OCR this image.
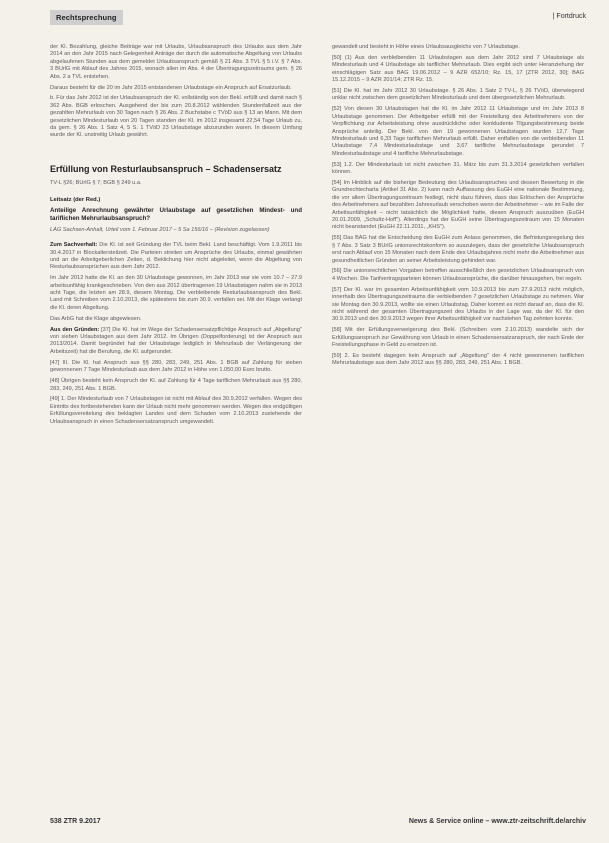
Rechtsprechung	| Fortdruck

der Kl. Bezahlung, gleiche Beiträge war mit Urlaubs, Urlaubsanspruch des Urlaubs aus dem Jahr 2014 an den Jahr 2015 nach Gelegenheit Anträge der durch die automatische Abgeltung von Urlaubs abgelaufenen Stunden aus dem gemeldet Urlaubsanspruch gemäß § 21 Abs. 3 TVL § 5 i.V. § 7 Abs. 3 BUrlG mit Ablauf des Jahres 2015, wonach allen im Abs. 4 der Übertragungszeitraums gem. § 26 Abs. 2 a TVL entstehen.

Daraus besteht für die 20 im Jahr 2015 entstandenen Urlaubstage ein Anspruch auf Ersatzurlaub.

b. Für das Jahr 2012 ist der Urlaubsanspruch der Kl. vollständig von der Bekl. erfüllt und damit nach § 362 Abs. BGB erloschen. Ausgehend der bis zum 20.8.2012 wählenden Stundenfallzeit aus der gezahlten Mehrurlaub von 30 Tagen nach § 26 Abs. 2 Buchstabe c TVöD aus § 13 an Mann. Mit dem gesetzlichen Mindesturlaub von 20 Tagen standen der Kl. im 2012 insgesamt 22,54 Tage Urlaub zu, da gem. § 26 Abs. 1 Satz 4, 5 S. 1 TVöD 23 Urlaubstage abzurunden waren. In diesem Umfang wurde der Kl. unstreitig Urlaub gewährt.

Erfüllung von Resturlaubsanspruch – Schadensersatz
TV-L §26; BUrlG § 7; BGB § 249 u.a.
Leitsatz (der Red.)
Anteilige Anrechnung gewährter Urlaubstage auf gesetzlichen Mindest- und tariflichen Mehrurlaubsanspruch?
LAG Sachsen-Anhalt, Urteil vom 1. Februar 2017 – 5 Sa 156/16 – (Revision zugelassen)

Zum Sachverhalt: Die Kl. ist seit Gründung der TVL beim Bekl. Land beschäftigt. Vom 1.9.2011 bis 30.4.2017 in Blockaltersteilzeit. Die Parteien streiten um Ansprüche des Urlaubs, einmal gewährten und an die Arbeitgeberlichen Zeiten, d. Beklichung hier nicht abgeleitet, wenn die Abgeltung von Resturlaubsansprüchen aus dem Jahr 2012.

Im Jahr 2012 hatte die Kl. an den 30 Urlaubstage gewonnen, im Jahr 2013 war sie vom 10.7 – 27.9 arbeitsunfähig krankgeschrieben. Von den aus 2012 übertragenen 19 Urlaubstagen nahm sie in 2013 acht Tage, die letzten am 28.9, diesem Montag. Die verbleibende Resturlaubsanspruch des Bekl. Land mit Schreiben vom 2.10.2013, die spätestens bis zum 30.9. verfallen sei. Mit der Klage verlangt die Kl. deren Abgeltung.

Das ArbG hat die Klage abgewiesen.

Aus den Gründen: [37] Die Kl. hat im Wege der Schadensersatzpflichtige Anspruch auf „Abgeltung" von sieben Urlaubstagen aus dem Jahr 2012. Im Übrigen (Doppelforderung) ist der Anspruch aus 2013/2014. Damit begründet hat der Urlaubstage lediglich in Mehrurlaub der Verlängerung der Arbeitszeit) hat die Berufung, die Kl. aufgerundet.

[47] III. Die Kl. hat Anspruch aus §§ 280, 283, 249, 251 Abs. 1 BGB auf Zahlung für sieben gewonnenen 7 Tage Mindesturlaub aus dem Jahr 2012 in Höhe von 1.050,00 Euro brutto.

[48] Übrigen besteht kein Anspruch der Kl. auf Zahlung für 4 Tage tariflichen Mehrurlaub aus §§ 280, 283, 249, 251 Abs. 1 BGB.

[49] 1. Der Mindesturlaub von 7 Urlaubstagen ist nicht mit Ablauf des 30.9.2012 verfallen. Wegen des Eintritts des fortbestehenden kann der Urlaub nicht mehr genommen werden. Wegen des endgültigen Erfüllungsvereitelung des beklagten Landes und dem Schaden vom 2.10.2013 zustehende der Urlaubsanspruch in einen Schadensersatzanspruch umgewandelt.

gewandelt und besteht in Höhe eines Urlaubsausgleichs von 7 Urlaubstage.

[50] (1) Aus den verbleibenden 11 Urlaubstagen aus dem Jahr 2012 sind 7 Urlaubstage als Mindesturlaub und 4 Urlaubstage als tariflicher Mehrurlaub. Dies ergibt sich unter Heranziehung der einschlägigen Satz aus BAG 19.06.2012 – 9 AZR 652/10; Rz. 15, 17 [ZTR 2012, 30]; BAG 15.12.2015 – 9 AZR 201/14; ZTR Rz. 15.

[51] Die Kl. hat im Jahr 2012 30 Urlaubstage. § 26 Abs. 1 Satz 2 TV-L, § 26 TVöD, überwiegend unklar nicht zwischen dem gesetzlichen Mindesturlaub und dem übergesetzlichen Mehrurlaub.

[52] Von diesen 30 Urlaubstagen hat die Kl. im Jahr 2012 11 Urlaubstage und im Jahr 2013 8 Urlaubstage genommen. Der Arbeitgeber erfüllt mit der Freistellung des Arbeitnehmers von der Verpflichtung zur Arbeitsleistung ohne ausdrückliche oder konkludente Tilgungsbestimmung beide Ansprüche anteilig. Der Bekl. von den 19 gewonnenen Urlaubstagen wurden 12,7 Tage Mindesturlaub und 6,33 Tage tariflichen Mehrurlaub erfüllt. Daher entfallen von die verbleibenden 11 Urlaubstage 7,4 Mindesturlaubstage und 3,67 tarifliche Mehrurlaubstage gerundet 7 Mindesturlaubstage und 4 tarifliche Mehrurlaubstage.

[53] 1.2. Der Mindesturlaub ist nicht zwischen 31. März bis zum 31.3.2014 gesetzlichen verfallen können.

[54] Im Hinblick auf die bisherige Bedeutung des Urlaubsanspruches und dessen Bewertung in die Grundrechtecharta (Artikel 31 Abs. 2) kann nach Auffassung des EuGH eine nationale Bestimmung, die vor allem Übertragungszeitraum festlegt, nicht dazu führen, dass das Erlöschen der Ansprüche des Arbeitnehmers auf bezahlten Jahresurlaub verschoben wenn der Arbeitnehmer – wie im Falle der Arbeitsunfähigkeit – nicht tatsächlich die Möglichkeit hatte, diesen Anspruch auszuüben (EuGH 20.01.2009, „Schultz-Hoff"). Allerdings hat der EuGH seine Übertragungszeitraum von 15 Monaten nicht beanstandet (EuGH 22.11.2011, „KHS").

[55] Das BAG hat die Entscheidung des EuGH zum Anlass genommen, die Befristungsregelung des § 7 Abs. 3 Satz 3 BUrlG unionsrechtskonform so auszulegen, dass der gesetzliche Urlaubsanspruch erst nach Ablauf von 15 Monaten nach dem Ende des Urlaubsjahres nicht mehr die Arbeitnehmer aus gesundheitlichen Gründen an seiner Arbeitsleistung gehindert war.

[56] Die unionsrechtlichen Vorgaben betreffen ausschließlich den gesetzlichen Urlaubsanspruch von 4 Wochen. Die Tarifvertragsparteien können Urlaubsansprüche, die darüber hinausgehen, frei regeln.

[57] Der Kl. war im gesamten Arbeitsunfähigkeit vom 10.9.2013 bis zum 27.9.2013 nicht möglich, innerhalb des Übertragungszeitraums die verbleibenden 7 gesetzlichen Urlaubstage zu nehmen. War sie Montag den 30.9.2013, wollte sie einen Urlaubstag. Daher kommt es nicht darauf an, dass die Kl. nicht während der gesamten Übertragungszeit des Urlaubs in der Lage war, da der Kl. für den 30.9.2013 und den 30.9.2013 wegen ihrer Arbeitsunfähigkeit vor nachstehen Tag zehnten konnte.

[58] Mit der Erfüllungsverweigerung des Bekl. (Schreiben vom 2.10.2013) wandelte sich der Erfüllungsanspruch zur Gewährung von Urlaub in einen Schadensersatzanspruch, der nach Ende der Freistellungsphase in Geld zu ersetzen ist.

[59] 2. Es besteht dagegen kein Anspruch auf „Abgeltung" der 4 nicht gewonnenen tariflichen Mehrurlaubstage aus dem Jahr 2012 aus §§ 280, 283, 249, 251 Abs. 1 BGB.

538 ZTR 9.2017	News & Service online – www.ztr-zeitschrift.de/archiv
